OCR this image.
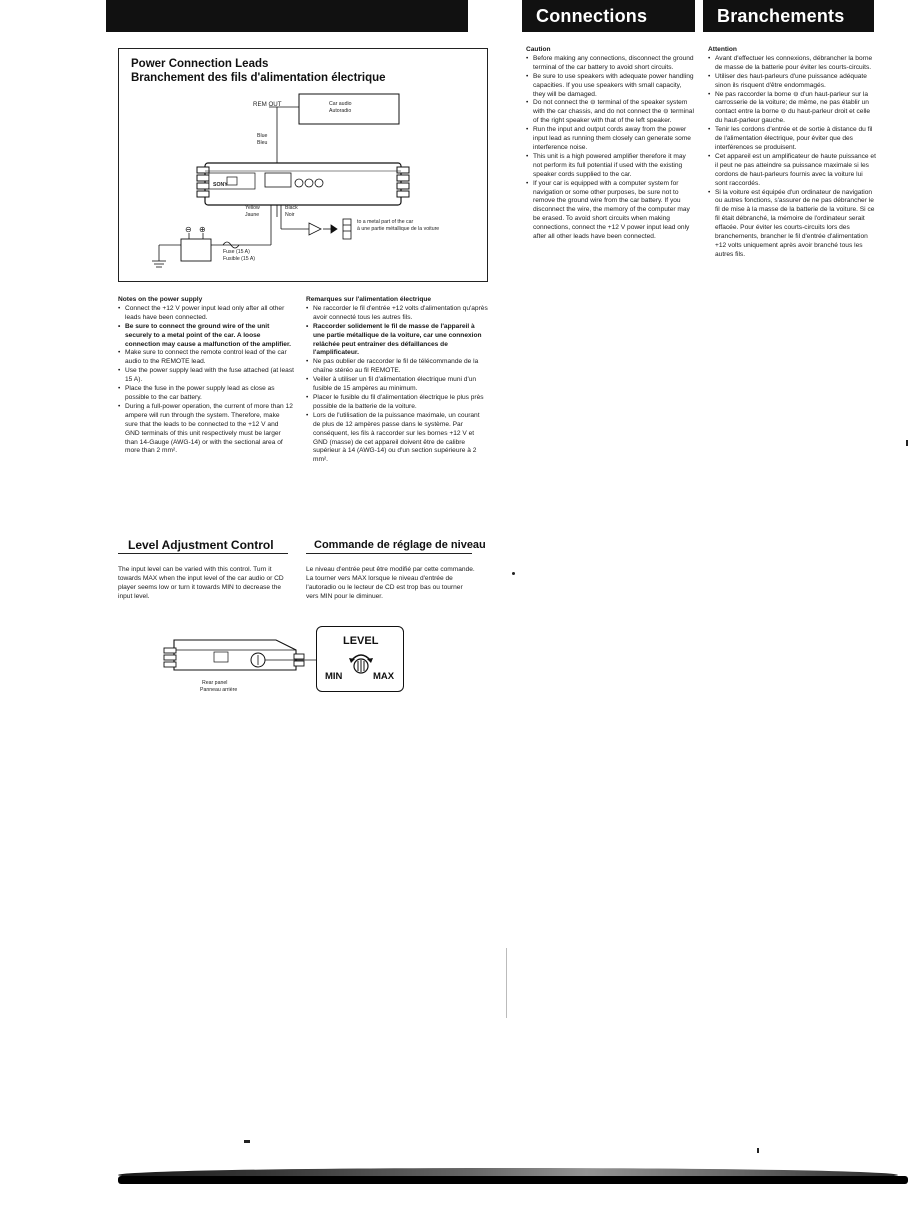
Connections	Branchements
Power Connection Leads
Branchement des fils d'alimentation électrique
REM OUT	Car audio
Autoradio
Blue
Bleu
SONY
Yellow
Jaune
Black
Noir
⊖ ⊕
Fuse (15 A)
Fusible (15 A)
to a metal part of the car
à une partie métallique de la voiture
Notes on the power supply
• Connect the +12 V power input lead only after all other leads have been connected.
• Be sure to connect the ground wire of the unit securely to a metal point of the car. A loose connection may cause a malfunction of the amplifier.
• Make sure to connect the remote control lead of the car audio to the REMOTE lead.
• Use the power supply lead with the fuse attached (at least 15 A).
• Place the fuse in the power supply lead as close as possible to the car battery.
• During a full-power operation, the current of more than 12 ampere will run through the system. Therefore, make sure that the leads to be connected to the +12 V and GND terminals of this unit respectively must be larger than 14-Gauge (AWG-14) or with the sectional area of more than 2 mm².
Remarques sur l'alimentation électrique
• Ne raccorder le fil d'entrée +12 volts d'alimentation qu'après avoir connecté tous les autres fils.
• Raccorder solidement le fil de masse de l'appareil à une partie métallique de la voiture, car une connexion relâchée peut entraîner des défaillances de l'amplificateur.
• Ne pas oublier de raccorder le fil de télécommande de la chaîne stéréo au fil REMOTE.
• Veiller à utiliser un fil d'alimentation électrique muni d'un fusible de 15 ampères au minimum.
• Placer le fusible du fil d'alimentation électrique le plus près possible de la batterie de la voiture.
• Lors de l'utilisation de la puissance maximale, un courant de plus de 12 ampères passe dans le système. Par conséquent, les fils à raccorder sur les bornes +12 V et GND (masse) de cet appareil doivent être de calibre supérieur à 14 (AWG-14) ou d'un section supérieure à 2 mm².
Caution
• Before making any connections, disconnect the ground terminal of the car battery to avoid short circuits.
• Be sure to use speakers with adequate power handling capacities. If you use speakers with small capacity, they will be damaged.
• Do not connect the ⊖ terminal of the speaker system with the car chassis, and do not connect the ⊖ terminal of the right speaker with that of the left speaker.
• Run the input and output cords away from the power input lead as running them closely can generate some interference noise.
• This unit is a high powered amplifier therefore it may not perform its full potential if used with the existing speaker cords supplied to the car.
• If your car is equipped with a computer system for navigation or some other purposes, be sure not to remove the ground wire from the car battery. If you disconnect the wire, the memory of the computer may be erased. To avoid short circuits when making connections, connect the +12 V power input lead only after all other leads have been connected.
Attention
• Avant d'effectuer les connexions, débrancher la borne de masse de la batterie pour éviter les courts-circuits.
• Utiliser des haut-parleurs d'une puissance adéquate sinon ils risquent d'être endommagés.
• Ne pas raccorder la borne ⊖ d'un haut-parleur sur la carrosserie de la voiture; de même, ne pas établir un contact entre la borne ⊖ du haut-parleur droit et celle du haut-parleur gauche.
• Tenir les cordons d'entrée et de sortie à distance du fil de l'alimentation électrique, pour éviter que des interférences se produisent.
• Cet appareil est un amplificateur de haute puissance et il peut ne pas atteindre sa puissance maximale si les cordons de haut-parleurs fournis avec la voiture lui sont raccordés.
• Si la voiture est équipée d'un ordinateur de navigation ou autres fonctions, s'assurer de ne pas débrancher le fil de mise à la masse de la batterie de la voiture. Si ce fil était débranché, la mémoire de l'ordinateur serait effacée. Pour éviter les courts-circuits lors des branchements, brancher le fil d'entrée d'alimentation +12 volts uniquement après avoir branché tous les autres fils.
Level Adjustment Control	Commande de réglage de niveau
The input level can be varied with this control. Turn it towards MAX when the input level of the car audio or CD player seems low or turn it towards MIN to decrease the input level.
Le niveau d'entrée peut être modifié par cette commande. La tourner vers MAX lorsque le niveau d'entrée de l'autoradio ou le lecteur de CD est trop bas ou tourner vers MIN pour le diminuer.
Rear panel
Panneau arrière
LEVEL
MIN	MAX
